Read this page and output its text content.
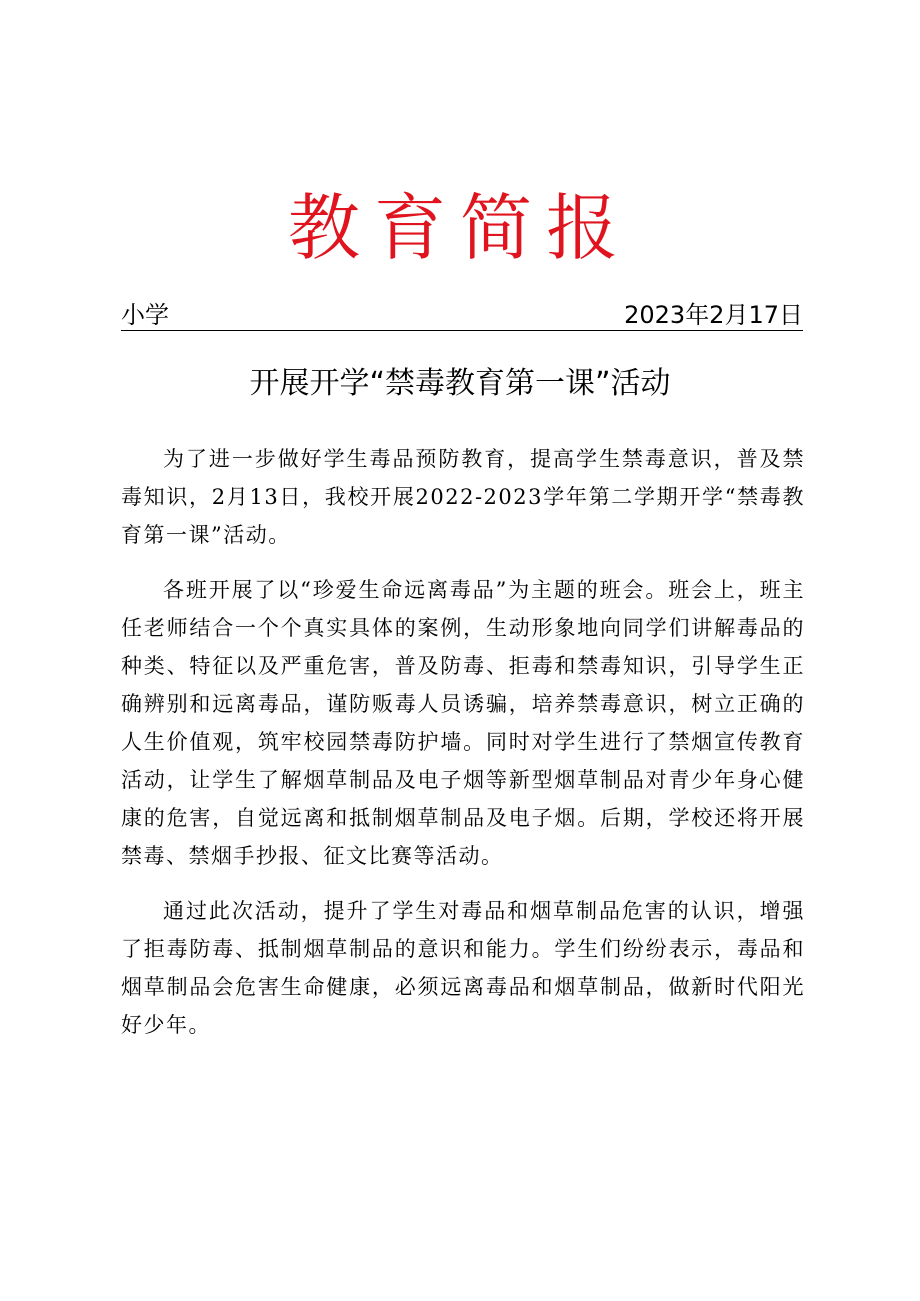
教育简报
小学	2023年2月17日
开展开学“禁毒教育第一课”活动

为了进一步做好学生毒品预防教育，提高学生禁毒意识，普及禁毒知识，2月13日，我校开展2022-2023学年第二学期开学“禁毒教育第一课”活动。

各班开展了以“珍爱生命远离毒品”为主题的班会。班会上，班主任老师结合一个个真实具体的案例，生动形象地向同学们讲解毒品的种类、特征以及严重危害，普及防毒、拒毒和禁毒知识，引导学生正确辨别和远离毒品，谨防贩毒人员诱骗，培养禁毒意识，树立正确的人生价值观，筑牢校园禁毒防护墙。同时对学生进行了禁烟宣传教育活动，让学生了解烟草制品及电子烟等新型烟草制品对青少年身心健康的危害，自觉远离和抵制烟草制品及电子烟。后期，学校还将开展禁毒、禁烟手抄报、征文比赛等活动。

通过此次活动，提升了学生对毒品和烟草制品危害的认识，增强了拒毒防毒、抵制烟草制品的意识和能力。学生们纷纷表示，毒品和烟草制品会危害生命健康，必须远离毒品和烟草制品，做新时代阳光好少年。
